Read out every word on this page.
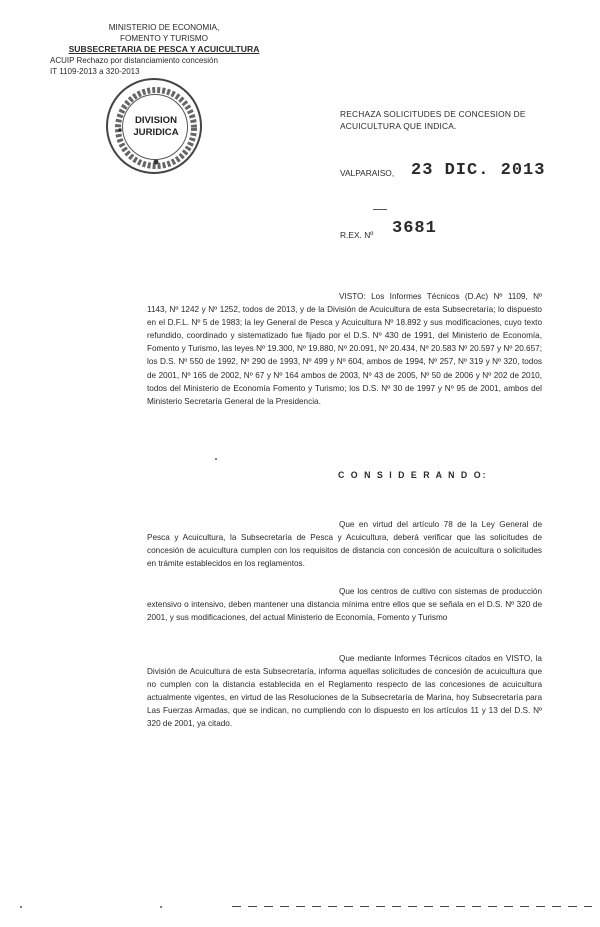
MINISTERIO DE ECONOMIA,
FOMENTO Y TURISMO
SUBSECRETARIA DE PESCA Y ACUICULTURA
ACUIP Rechazo por distanciamiento concesión
IT 1109-2013 a 320-2013
DIVISION
JURIDICA
RECHAZA SOLICITUDES DE CONCESION DE ACUICULTURA QUE INDICA.
VALPARAISO, 23 DIC. 2013
R.EX. Nº 3681
VISTO: Los Informes Técnicos (D.Ac) Nº 1109, Nº 1143, Nº 1242 y Nº 1252, todos de 2013, y de la División de Acuicultura de esta Subsecretaría; lo dispuesto en el D.F.L. Nº 5 de 1983; la ley General de Pesca y Acuicultura Nº 18.892 y sus modificaciones, cuyo texto refundido, coordinado y sistematizado fue fijado por el D.S. Nº 430 de 1991, del Ministerio de Economía, Fomento y Turismo, las leyes Nº 19.300, Nº 19.880, Nº 20.091, Nº 20.434, Nº 20.583 Nº 20.597 y Nº 20.657; los D.S. Nº 550 de 1992, Nº 290 de 1993, Nº 499 y Nº 604, ambos de 1994, Nº 257, Nº 319 y Nº 320, todos de 2001, Nº 165 de 2002, Nº 67 y Nº 164 ambos de 2003, Nº 43 de 2005, Nº 50 de 2006 y Nº 202 de 2010, todos del Ministerio de Economía Fomento y Turismo; los D.S. Nº 30 de 1997 y Nº 95 de 2001, ambos del Ministerio Secretaría General de la Presidencia.
C O N S I D E R A N D O:
Que en virtud del artículo 78 de la Ley General de Pesca y Acuicultura, la Subsecretaría de Pesca y Acuicultura, deberá verificar que las solicitudes de concesión de acuicultura cumplen con los requisitos de distancia con concesión de acuicultura o solicitudes en trámite establecidos en los reglamentos.
Que los centros de cultivo con sistemas de producción extensivo o intensivo, deben mantener una distancia mínima entre ellos que se señala en el D.S. Nº 320 de 2001, y sus modificaciones, del actual Ministerio de Economía, Fomento y Turismo
Que mediante Informes Técnicos citados en VISTO, la División de Acuicultura de esta Subsecretaría, informa aquellas solicitudes de concesión de acuicultura que no cumplen con la distancia establecida en el Reglamento respecto de las concesiones de acuicultura actualmente vigentes, en virtud de las Resoluciones de la Subsecretaría de Marina, hoy Subsecretaría para Las Fuerzas Armadas, que se indican, no cumpliendo con lo dispuesto en los artículos 11 y 13 del D.S. Nº 320 de 2001, ya citado.
